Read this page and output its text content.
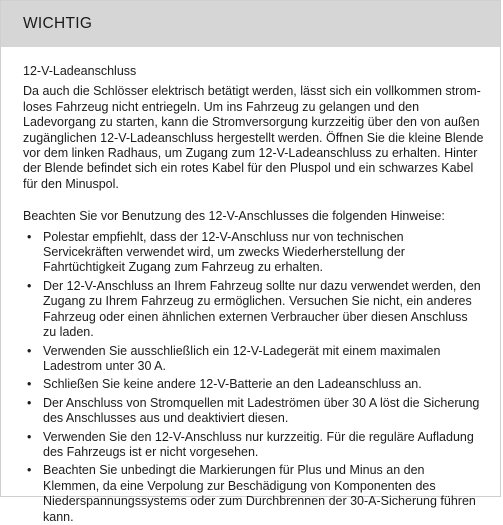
WICHTIG

12-V-Ladeanschluss

Da auch die Schlösser elektrisch betätigt werden, lässt sich ein vollkommen stromloses Fahrzeug nicht entriegeln. Um ins Fahrzeug zu gelangen und den Ladevorgang zu starten, kann die Stromversorgung kurzzeitig über den von außen zugänglichen 12-V-Ladeanschluss hergestellt werden. Öffnen Sie die kleine Blende vor dem linken Radhaus, um Zugang zum 12-V-Ladeanschluss zu erhalten. Hinter der Blende befindet sich ein rotes Kabel für den Pluspol und ein schwarzes Kabel für den Minuspol.

Beachten Sie vor Benutzung des 12-V-Anschlusses die folgenden Hinweise:

• Polestar empfiehlt, dass der 12-V-Anschluss nur von technischen Servicekräften verwendet wird, um zwecks Wiederherstellung der Fahrtüchtigkeit Zugang zum Fahrzeug zu erhalten.
• Der 12-V-Anschluss an Ihrem Fahrzeug sollte nur dazu verwendet werden, den Zugang zu Ihrem Fahrzeug zu ermöglichen. Versuchen Sie nicht, ein anderes Fahrzeug oder einen ähnlichen externen Verbraucher über diesen Anschluss zu laden.
• Verwenden Sie ausschließlich ein 12-V-Ladegerät mit einem maximalen Ladestrom unter 30 A.
• Schließen Sie keine andere 12-V-Batterie an den Ladeanschluss an.
• Der Anschluss von Stromquellen mit Ladeströmen über 30 A löst die Sicherung des Anschlusses aus und deaktiviert diesen.
• Verwenden Sie den 12-V-Anschluss nur kurzzeitig. Für die reguläre Aufladung des Fahrzeugs ist er nicht vorgesehen.
• Beachten Sie unbedingt die Markierungen für Plus und Minus an den Klemmen, da eine Verpolung zur Beschädigung von Komponenten des Niederspannungssystems oder zum Durchbrennen der 30-A-Sicherung führen kann.
